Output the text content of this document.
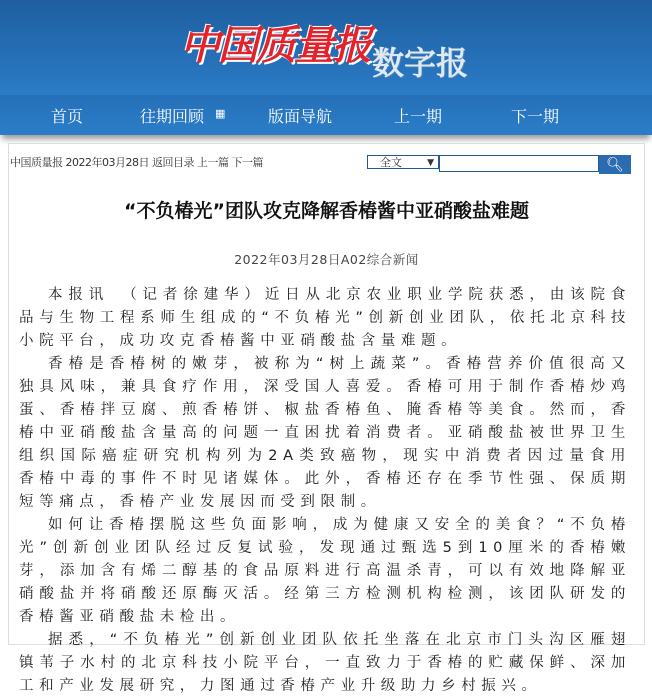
中国质量报 数字报
首页	往期回顾 ▦	版面导航	上一期	下一期
中国质量报 2022年03月28日 返回目录 上一篇 下一篇	全文	▼	🔍︎
“不负椿光”团队攻克降解香椿酱中亚硝酸盐难题
2022年03月28日A02综合新闻

本报讯　（记者徐建华）近日从北京农业职业学院获悉，由该院食品与生物工程系师生组成的“不负椿光”创新创业团队，依托北京科技小院平台，成功攻克香椿酱中亚硝酸盐含量难题。

香椿是香椿树的嫩芽，被称为“树上蔬菜”。香椿营养价值很高又独具风味，兼具食疗作用，深受国人喜爱。香椿可用于制作香椿炒鸡蛋、香椿拌豆腐、煎香椿饼、椒盐香椿鱼、腌香椿等美食。然而，香椿中亚硝酸盐含量高的问题一直困扰着消费者。亚硝酸盐被世界卫生组织国际癌症研究机构列为2A类致癌物，现实中消费者因过量食用香椿中毒的事件不时见诸媒体。此外，香椿还存在季节性强、保质期短等痛点，香椿产业发展因而受到限制。

如何让香椿摆脱这些负面影响，成为健康又安全的美食？“不负椿光”创新创业团队经过反复试验，发现通过甄选5到10厘米的香椿嫩芽，添加含有烯二醇基的食品原料进行高温杀青，可以有效地降解亚硝酸盐并将硝酸还原酶灭活。经第三方检测机构检测，该团队研发的香椿酱亚硝酸盐未检出。

据悉，“不负椿光”创新创业团队依托坐落在北京市门头沟区雁翅镇苇子水村的北京科技小院平台，一直致力于香椿的贮藏保鲜、深加工和产业发展研究，力图通过香椿产业升级助力乡村振兴。
